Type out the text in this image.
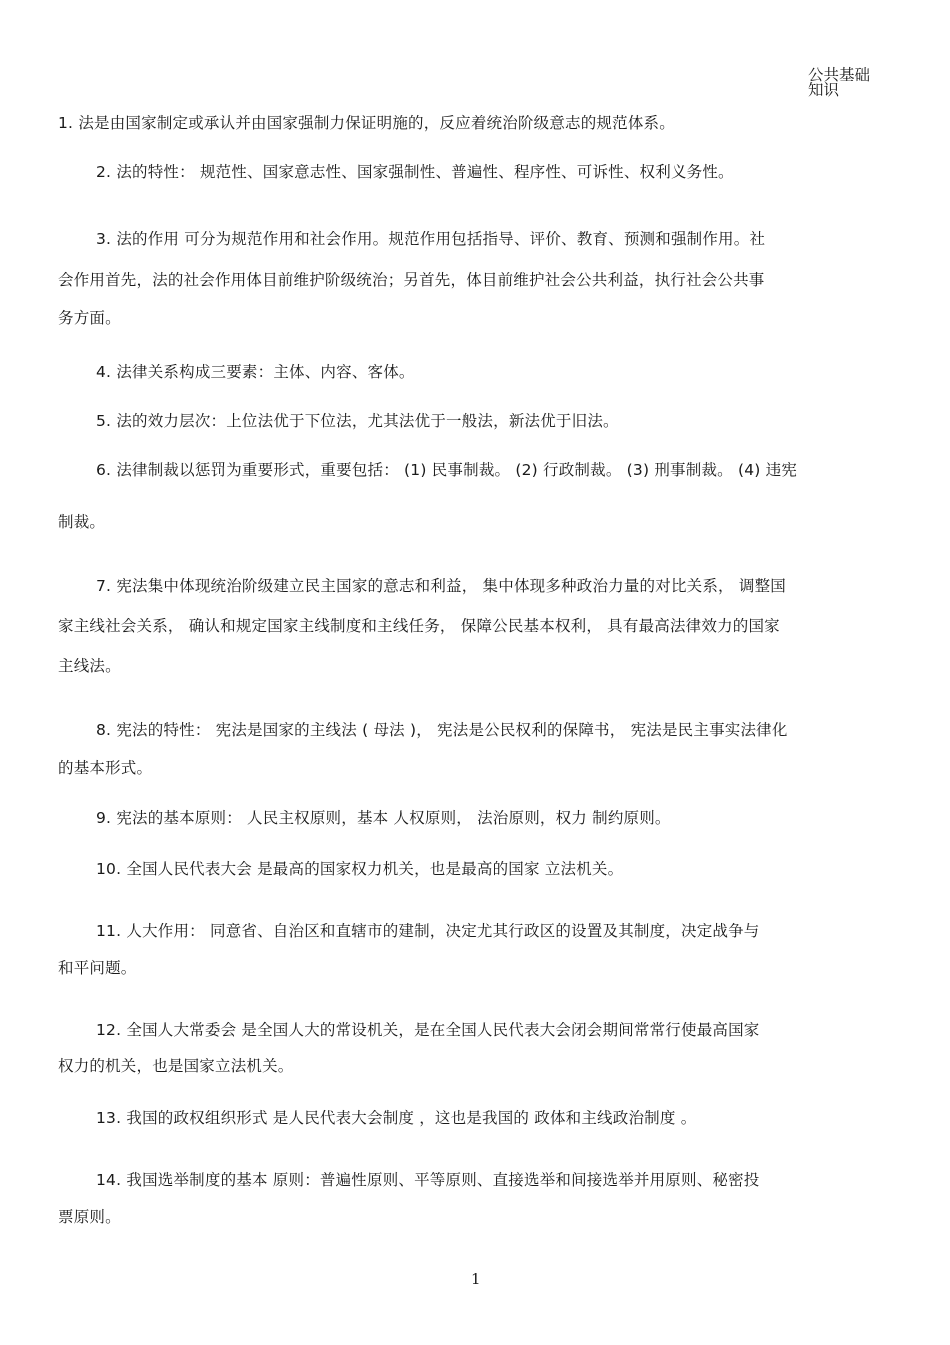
公共基础
知识
1. 法是由国家制定或承认并由国家强制力保证明施的，反应着统治阶级意志的规范体系。
2. 法的特性： 规范性、国家意志性、国家强制性、普遍性、程序性、可诉性、权利义务性。
3. 法的作用 可分为规范作用和社会作用。规范作用包括指导、评价、教育、预测和强制作用。社
会作用首先，法的社会作用体目前维护阶级统治；另首先，体目前维护社会公共利益，执行社会公共事
务方面。
4. 法律关系构成三要素：主体、内容、客体。
5. 法的效力层次：上位法优于下位法，尤其法优于一般法，新法优于旧法。
6. 法律制裁以惩罚为重要形式，重要包括： (1) 民事制裁。 (2) 行政制裁。 (3) 刑事制裁。 (4) 违宪
制裁。
7. 宪法集中体现统治阶级建立民主国家的意志和利益， 集中体现多种政治力量的对比关系， 调整国
家主线社会关系， 确认和规定国家主线制度和主线任务， 保障公民基本权利， 具有最高法律效力的国家
主线法。
8. 宪法的特性： 宪法是国家的主线法 ( 母法 )， 宪法是公民权利的保障书， 宪法是民主事实法律化
的基本形式。
9. 宪法的基本原则： 人民主权原则，基本 人权原则， 法治原则，权力 制约原则。
10. 全国人民代表大会 是最高的国家权力机关，也是最高的国家 立法机关。
11. 人大作用： 同意省、自治区和直辖市的建制，决定尤其行政区的设置及其制度，决定战争与
和平问题。
12. 全国人大常委会 是全国人大的常设机关，是在全国人民代表大会闭会期间常常行使最高国家
权力的机关，也是国家立法机关。
13. 我国的政权组织形式 是人民代表大会制度 ，这也是我国的 政体和主线政治制度 。
14. 我国选举制度的基本 原则：普遍性原则、平等原则、直接选举和间接选举并用原则、秘密投
票原则。
1
